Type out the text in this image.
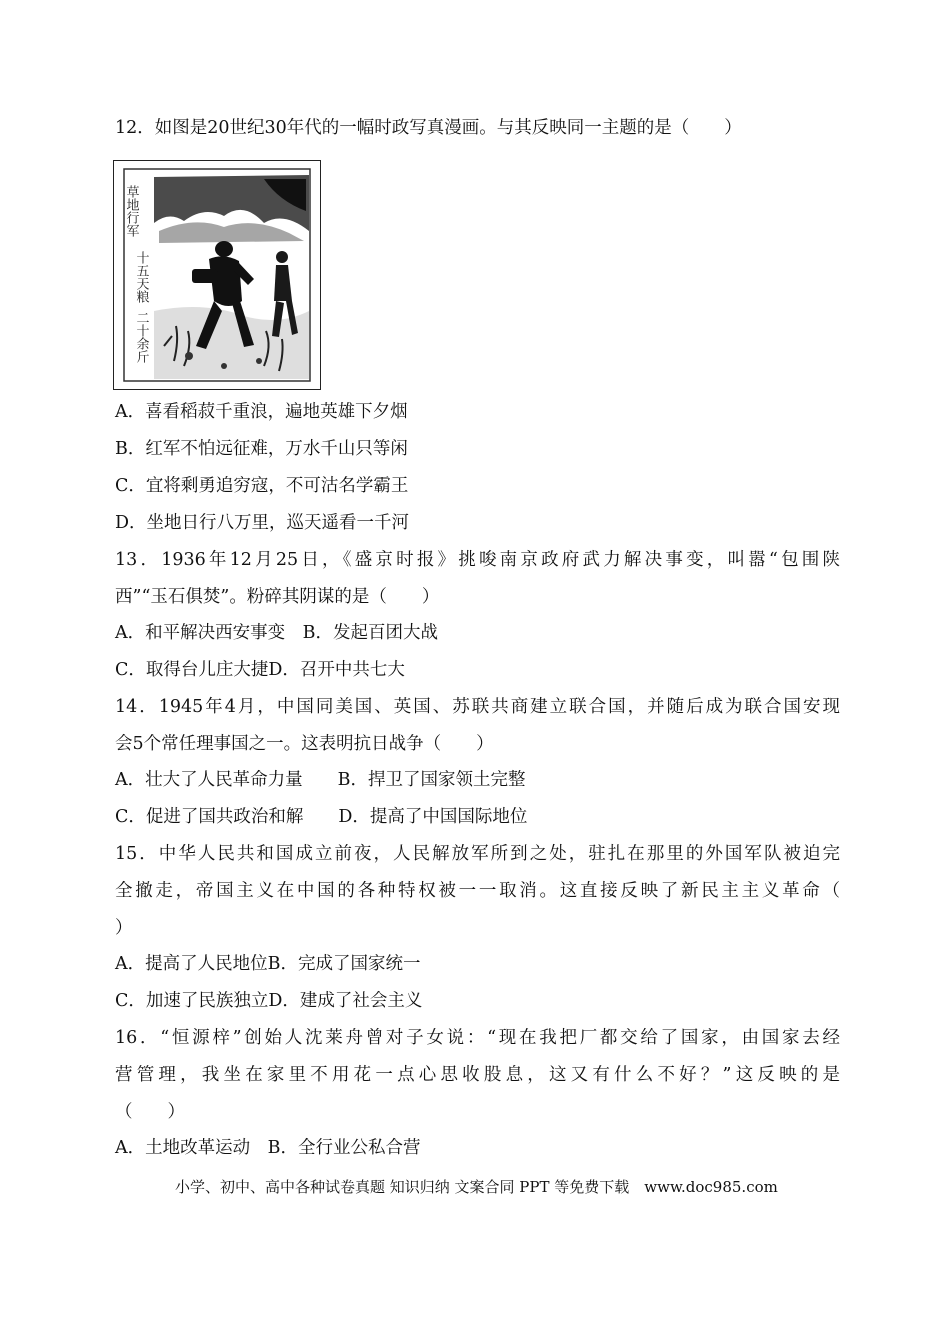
12．如图是20世纪30年代的一幅时政写真漫画。与其反映同一主题的是（　　）
草地行军
十五天粮
二十余斤
A．喜看稻菽千重浪，遍地英雄下夕烟
B．红军不怕远征难，万水千山只等闲
C．宜将剩勇追穷寇，不可沽名学霸王
D．坐地日行八万里，巡天遥看一千河
13．1936年12月25日，《盛京时报》挑唆南京政府武力解决事变，叫嚣“包围陕
西”“玉石俱焚”。粉碎其阴谋的是（　　）
A．和平解决西安事变　B．发起百团大战
C．取得台儿庄大捷D．召开中共七大
14．1945年4月，中国同美国、英国、苏联共商建立联合国，并随后成为联合国安现
会5个常任理事国之一。这表明抗日战争（　　）
A．壮大了人民革命力量　　B．捍卫了国家领土完整
C．促进了国共政治和解　　D．提高了中国国际地位
15．中华人民共和国成立前夜，人民解放军所到之处，驻扎在那里的外国军队被迫完
全撤走，帝国主义在中国的各种特权被一一取消。这直接反映了新民主主义革命（
）
A．提高了人民地位B．完成了国家统一
C．加速了民族独立D．建成了社会主义
16．“恒源梓”创始人沈莱舟曾对子女说：“现在我把厂都交给了国家，由国家去经
营管理，我坐在家里不用花一点心思收股息，这又有什么不好？”这反映的是
（　　）
A．土地改革运动　B．全行业公私合营
小学、初中、高中各种试卷真题 知识归纳 文案合同 PPT 等免费下载　www.doc985.com
